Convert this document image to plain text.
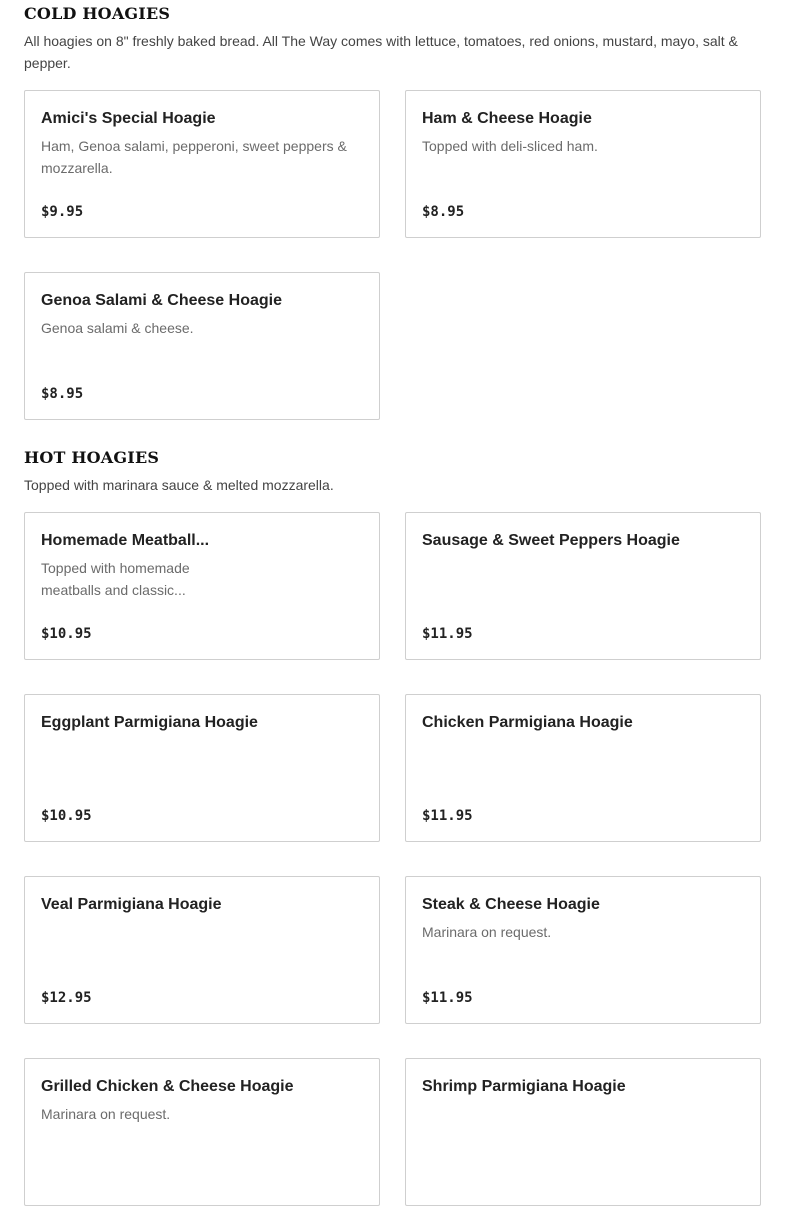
COLD HOAGIES

All hoagies on 8" freshly baked bread. All The Way comes with lettuce, tomatoes, red onions, mustard, mayo, salt & pepper.

Amici's Special Hoagie
Ham, Genoa salami, pepperoni, sweet peppers & mozzarella.
$9.95
Ham & Cheese Hoagie
Topped with deli-sliced ham.
$8.95
Genoa Salami & Cheese Hoagie
Genoa salami & cheese.
$8.95
HOT HOAGIES

Topped with marinara sauce & melted mozzarella.

Homemade Meatball...
Topped with homemade meatballs and classic...
$10.95
Sausage & Sweet Peppers Hoagie
$11.95
Eggplant Parmigiana Hoagie
$10.95
Chicken Parmigiana Hoagie
$11.95
Veal Parmigiana Hoagie
$12.95
Steak & Cheese Hoagie
Marinara on request.
$11.95
Grilled Chicken & Cheese Hoagie
Marinara on request.
Shrimp Parmigiana Hoagie
